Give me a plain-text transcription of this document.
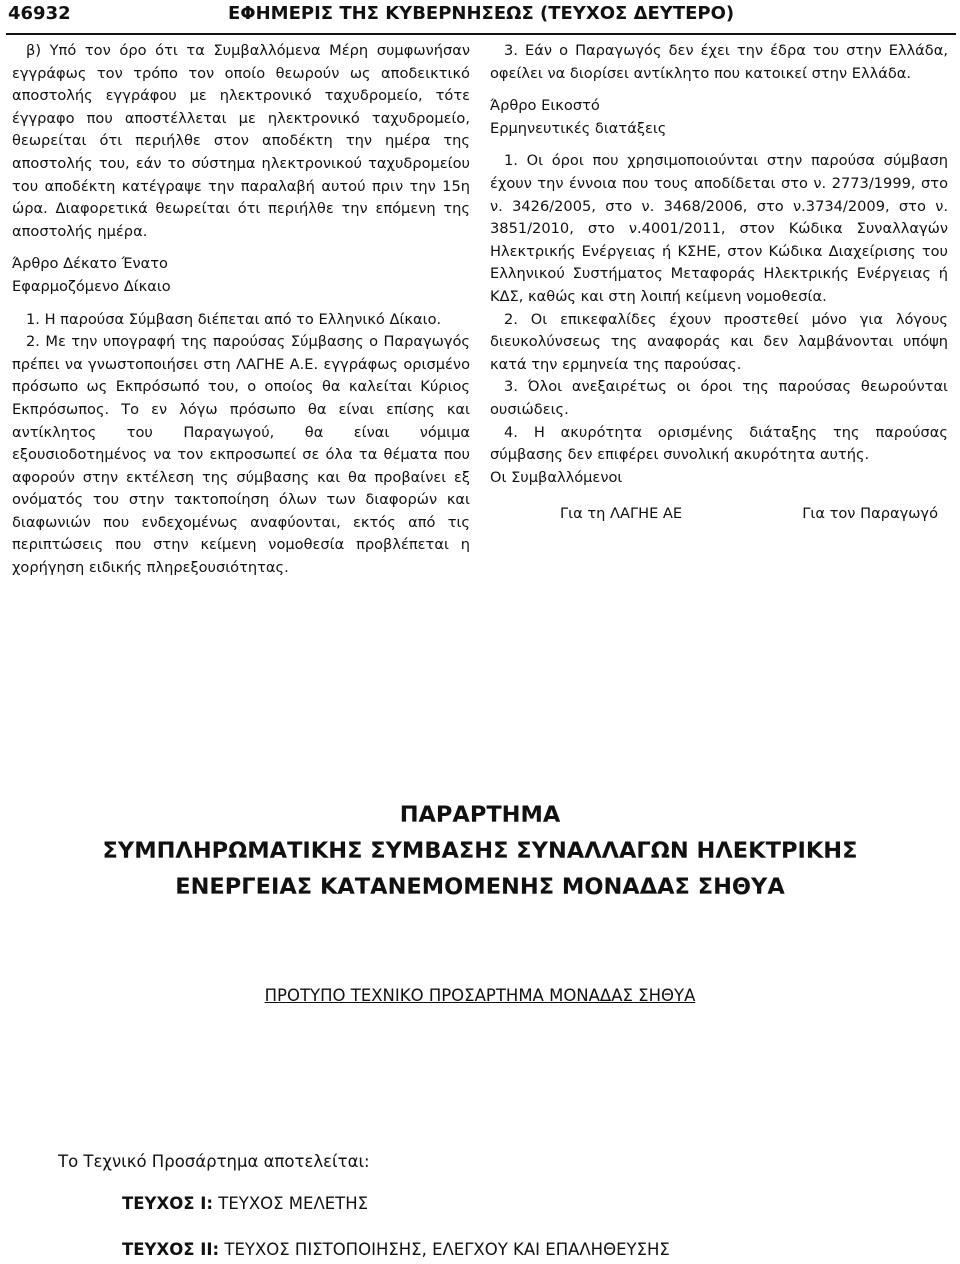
46932	ΕΦΗΜΕΡΙΣ ΤΗΣ ΚΥΒΕΡΝΗΣΕΩΣ (ΤΕΥΧΟΣ ΔΕΥΤΕΡΟ)

β) Υπό τον όρο ότι τα Συμβαλλόμενα Μέρη συμφωνήσαν εγγράφως τον τρόπο τον οποίο θεωρούν ως αποδεικτικό αποστολής εγγράφου με ηλεκτρονικό ταχυδρομείο, τότε έγγραφο που αποστέλλεται με ηλεκτρονικό ταχυδρομείο, θεωρείται ότι περιήλθε στον αποδέκτη την ημέρα της αποστολής του, εάν το σύστημα ηλεκτρονικού ταχυδρομείου του αποδέκτη κατέγραψε την παραλαβή αυτού πριν την 15η ώρα. Διαφορετικά θεωρείται ότι περιήλθε την επόμενη της αποστολής ημέρα.

Άρθρο Δέκατο Ένατο

Εφαρμοζόμενο Δίκαιο

1. Η παρούσα Σύμβαση διέπεται από το Ελληνικό Δίκαιο.

2. Με την υπογραφή της παρούσας Σύμβασης ο Παραγωγός πρέπει να γνωστοποιήσει στη ΛΑΓΗΕ Α.Ε. εγγράφως ορισμένο πρόσωπο ως Εκπρόσωπό του, ο οποίος θα καλείται Κύριος Εκπρόσωπος. Το εν λόγω πρόσωπο θα είναι επίσης και αντίκλητος του Παραγωγού, θα είναι νόμιμα εξουσιοδοτημένος να τον εκπροσωπεί σε όλα τα θέματα που αφορούν στην εκτέλεση της σύμβασης και θα προβαίνει εξ ονόματός του στην τακτοποίηση όλων των διαφορών και διαφωνιών που ενδεχομένως αναφύονται, εκτός από τις περιπτώσεις που στην κείμενη νομοθεσία προβλέπεται η χορήγηση ειδικής πληρεξουσιότητας.

3. Εάν ο Παραγωγός δεν έχει την έδρα του στην Ελλάδα, οφείλει να διορίσει αντίκλητο που κατοικεί στην Ελλάδα.

Άρθρο Εικοστό

Ερμηνευτικές διατάξεις

1. Οι όροι που χρησιμοποιούνται στην παρούσα σύμβαση έχουν την έννοια που τους αποδίδεται στο ν. 2773/1999, στο ν. 3426/2005, στο ν. 3468/2006, στο ν.3734/2009, στο ν. 3851/2010, στο ν.4001/2011, στον Κώδικα Συναλλαγών Ηλεκτρικής Ενέργειας ή ΚΣΗΕ, στον Κώδικα Διαχείρισης του Ελληνικού Συστήματος Μεταφοράς Ηλεκτρικής Ενέργειας ή ΚΔΣ, καθώς και στη λοιπή κείμενη νομοθεσία.

2. Οι επικεφαλίδες έχουν προστεθεί μόνο για λόγους διευκολύνσεως της αναφοράς και δεν λαμβάνονται υπόψη κατά την ερμηνεία της παρούσας.

3. Όλοι ανεξαιρέτως οι όροι της παρούσας θεωρούνται ουσιώδεις.

4. Η ακυρότητα ορισμένης διάταξης της παρούσας σύμβασης δεν επιφέρει συνολική ακυρότητα αυτής.

Οι Συμβαλλόμενοι

Για τη ΛΑΓΗΕ ΑΕ	Για τον Παραγωγό
ΠΑΡΑΡΤΗΜΑ
ΣΥΜΠΛΗΡΩΜΑΤΙΚΗΣ ΣΥΜΒΑΣΗΣ ΣΥΝΑΛΛΑΓΩΝ ΗΛΕΚΤΡΙΚΗΣ
ΕΝΕΡΓΕΙΑΣ ΚΑΤΑΝΕΜΟΜΕΝΗΣ ΜΟΝΑΔΑΣ ΣΗΘΥΑ
ΠΡΟΤΥΠΟ ΤΕΧΝΙΚΟ ΠΡΟΣΑΡΤΗΜΑ ΜΟΝΑΔΑΣ ΣΗΘΥΑ
Το Τεχνικό Προσάρτημα αποτελείται:
ΤΕΥΧΟΣ Ι: ΤΕΥΧΟΣ ΜΕΛΕΤΗΣ
ΤΕΥΧΟΣ ΙΙ: ΤΕΥΧΟΣ ΠΙΣΤΟΠΟΙΗΣΗΣ, ΕΛΕΓΧΟΥ ΚΑΙ ΕΠΑΛΗΘΕΥΣΗΣ
